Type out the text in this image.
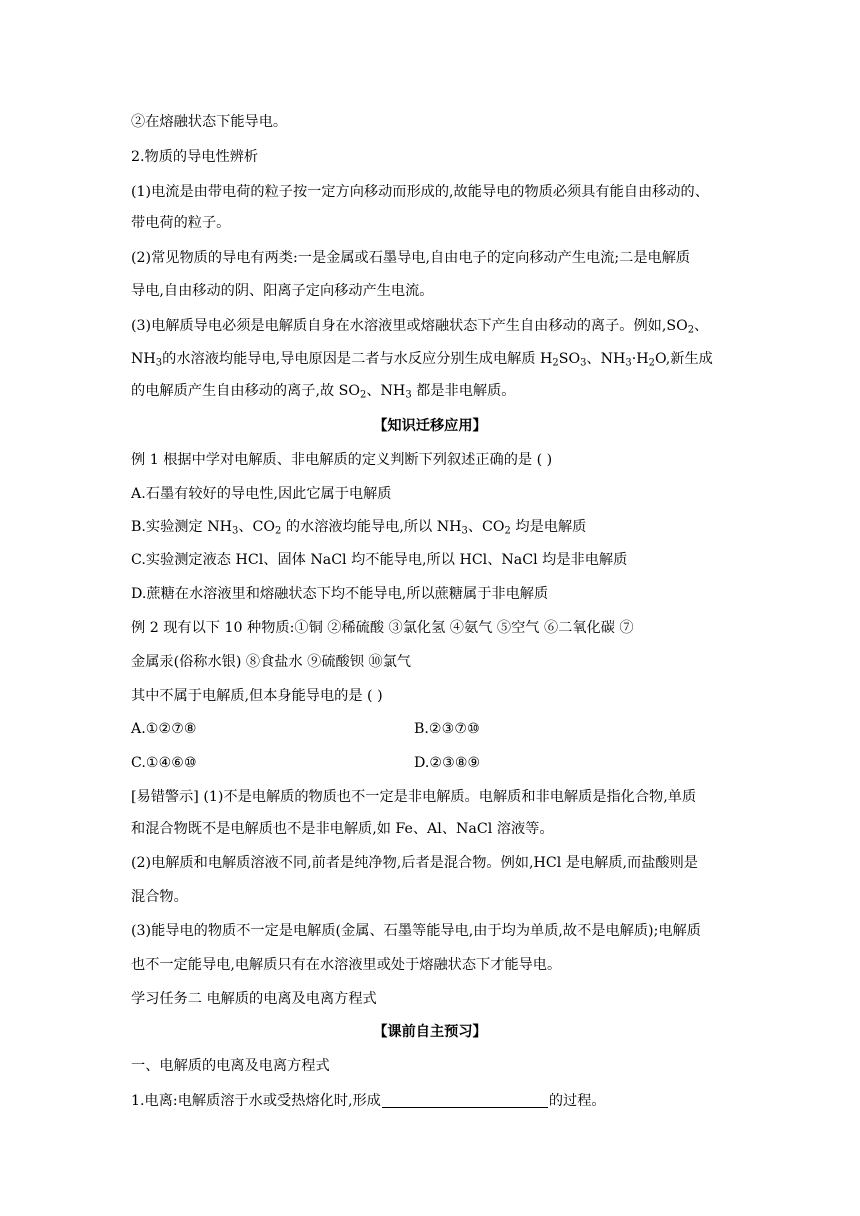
②在熔融状态下能导电。
2.物质的导电性辨析
(1)电流是由带电荷的粒子按一定方向移动而形成的,故能导电的物质必须具有能自由移动的、
带电荷的粒子。
(2)常见物质的导电有两类:一是金属或石墨导电,自由电子的定向移动产生电流;二是电解质
导电,自由移动的阴、阳离子定向移动产生电流。
(3)电解质导电必须是电解质自身在水溶液里或熔融状态下产生自由移动的离子。例如$,SO_2$、
$NH_3$的水溶液均能导电,导电原因是二者与水反应分别生成电解质 $H_2SO_3$、$NH_3\cdot H_2O$,新生成
的电解质产生自由移动的离子,故 $SO_2$、$NH_3$ 都是非电解质。
【知识迁移应用】
例 1 根据中学对电解质、非电解质的定义判断下列叙述正确的是 ( )
A.石墨有较好的导电性,因此它属于电解质
B.实验测定 $NH_3$、$CO_2$ 的水溶液均能导电,所以 $NH_3$、$CO_2$ 均是电解质
C.实验测定液态 HCl、固体 NaCl 均不能导电,所以 HCl、NaCl 均是非电解质
D.蔗糖在水溶液里和熔融状态下均不能导电,所以蔗糖属于非电解质
例 2 现有以下 10 种物质:①铜 ②稀硫酸 ③氯化氢 ④氨气 ⑤空气 ⑥二氧化碳 ⑦
金属汞(俗称水银) ⑧食盐水 ⑨硫酸钡 ⑩氯气
其中不属于电解质,但本身能导电的是 ( )
A.①②⑦⑧	B.②③⑦⑩
C.①④⑥⑩	D.②③⑧⑨
[易错警示] (1)不是电解质的物质也不一定是非电解质。电解质和非电解质是指化合物,单质
和混合物既不是电解质也不是非电解质,如 Fe、Al、NaCl 溶液等。
(2)电解质和电解质溶液不同,前者是纯净物,后者是混合物。例如,HCl 是电解质,而盐酸则是
混合物。
(3)能导电的物质不一定是电解质(金属、石墨等能导电,由于均为单质,故不是电解质);电解质
也不一定能导电,电解质只有在水溶液里或处于熔融状态下才能导电。
学习任务二 电解质的电离及电离方程式
【课前自主预习】
一、电解质的电离及电离方程式
1.电离:电解质溶于水或受热熔化时,形成	的过程。
